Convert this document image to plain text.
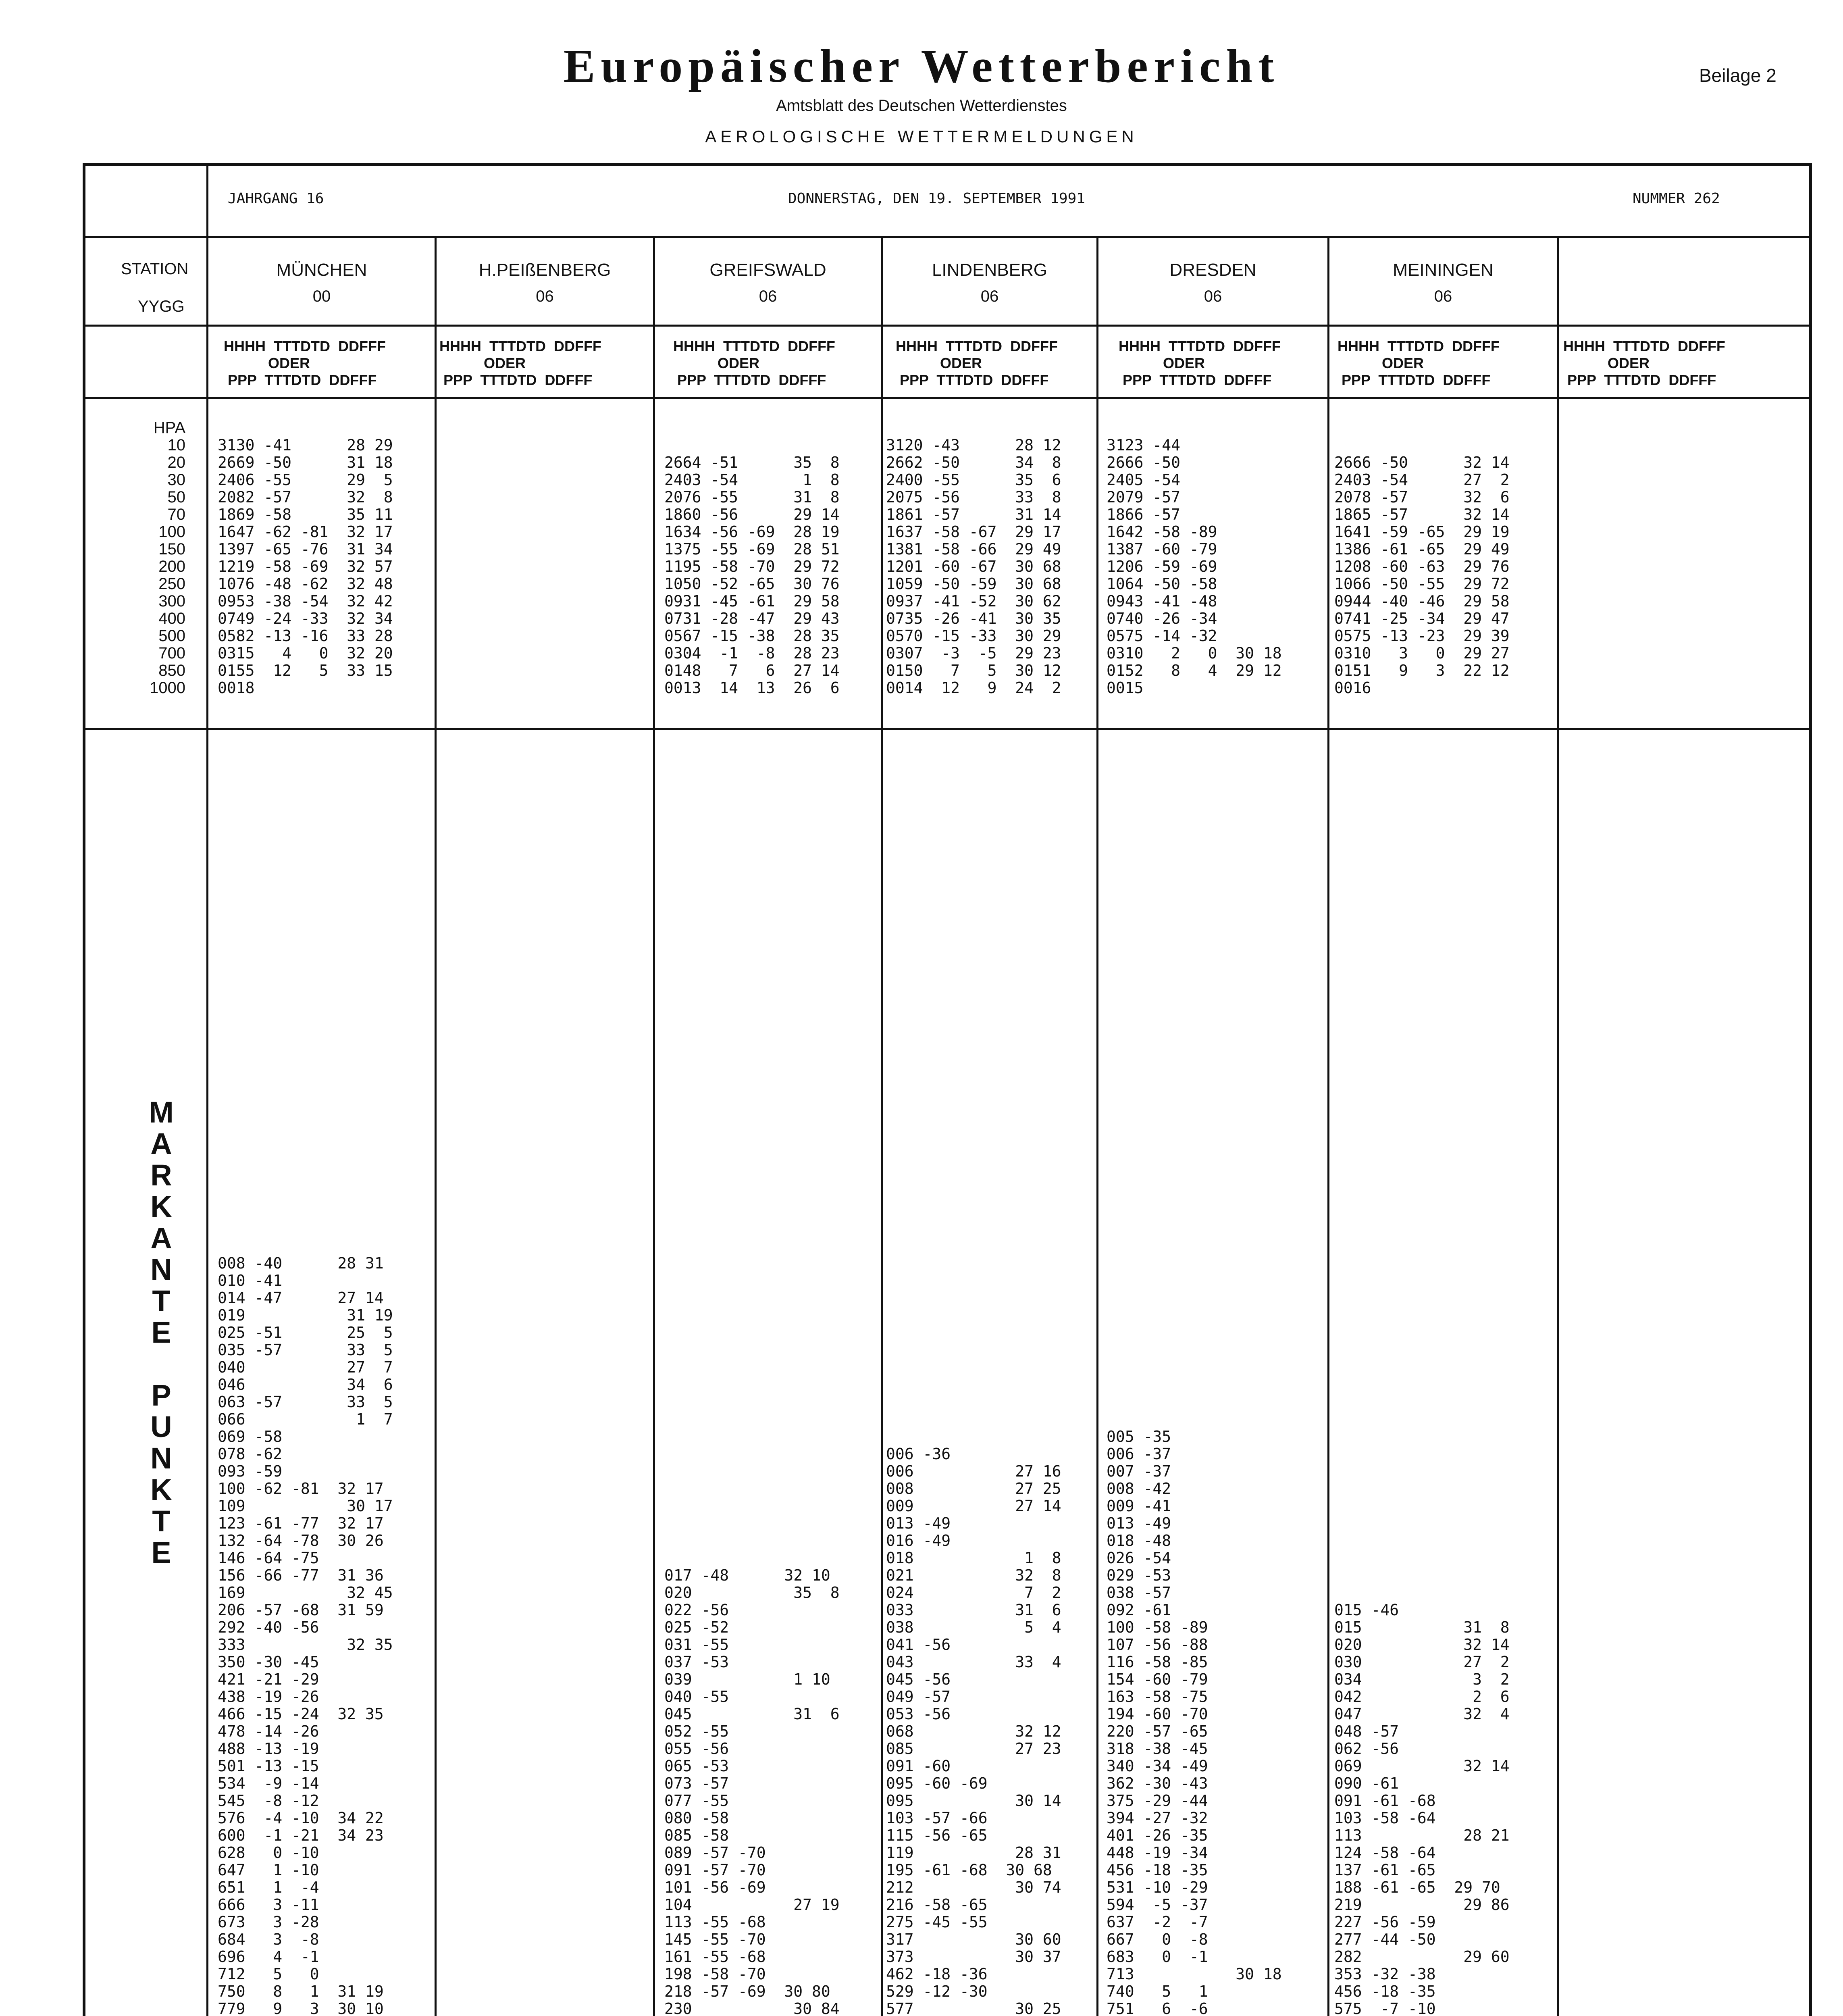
Europäischer Wetterbericht
Amtsblatt des Deutschen Wetterdienstes
AEROLOGISCHE WETTERMELDUNGEN
Beilage 2
JAHRGANG 16	DONNERSTAG, DEN 19. SEPTEMBER 1991	NUMMER 262
STATION
YYGG
MÜNCHEN
00
H.PEIßENBERG
06
GREIFSWALD
06
LINDENBERG
06
DRESDEN
06
MEININGEN
06
HHHH  TTTDTD  DDFFF
ODER
PPP  TTTDTD  DDFFF
HHHH  TTTDTD  DDFFF
ODER
PPP  TTTDTD  DDFFF
HHHH  TTTDTD  DDFFF
ODER
PPP  TTTDTD  DDFFF
HHHH  TTTDTD  DDFFF
ODER
PPP  TTTDTD  DDFFF
HHHH  TTTDTD  DDFFF
ODER
PPP  TTTDTD  DDFFF
HHHH  TTTDTD  DDFFF
ODER
PPP  TTTDTD  DDFFF
HHHH  TTTDTD  DDFFF
ODER
PPP  TTTDTD  DDFFF
HPA
10
20
30
50
70
100
150
200
250
300
400
500
700
850
1000
M A R K A N T E
P U N K T E
3130 -41      28 29
2669 -50      31 18
2406 -55      29  5
2082 -57      32  8
1869 -58      35 11
1647 -62 -81  32 17
1397 -65 -76  31 34
1219 -58 -69  32 57
1076 -48 -62  32 48
0953 -38 -54  32 42
0749 -24 -33  32 34
0582 -13 -16  33 28
0315   4   0  32 20
0155  12   5  33 15
0018

2664 -51      35  8
2403 -54       1  8
2076 -55      31  8
1860 -56      29 14
1634 -56 -69  28 19
1375 -55 -69  28 51
1195 -58 -70  29 72
1050 -52 -65  30 76
0931 -45 -61  29 58
0731 -28 -47  29 43
0567 -15 -38  28 35
0304  -1  -8  28 23
0148   7   6  27 14
0013  14  13  26  6
3120 -43      28 12
2662 -50      34  8
2400 -55      35  6
2075 -56      33  8
1861 -57      31 14
1637 -58 -67  29 17
1381 -58 -66  29 49
1201 -60 -67  30 68
1059 -50 -59  30 68
0937 -41 -52  30 62
0735 -26 -41  30 35
0570 -15 -33  30 29
0307  -3  -5  29 23
0150   7   5  30 12
0014  12   9  24  2
3123 -44
2666 -50
2405 -54
2079 -57
1866 -57
1642 -58 -89
1387 -60 -79
1206 -59 -69
1064 -50 -58
0943 -41 -48
0740 -26 -34
0575 -14 -32
0310   2   0  30 18
0152   8   4  29 12
0015

2666 -50      32 14
2403 -54      27  2
2078 -57      32  6
1865 -57      32 14
1641 -59 -65  29 19
1386 -61 -65  29 49
1208 -60 -63  29 76
1066 -50 -55  29 72
0944 -40 -46  29 58
0741 -25 -34  29 47
0575 -13 -23  29 39
0310   3   0  29 27
0151   9   3  22 12
0016
008 -40      28 31
010 -41
014 -47      27 14
019           31 19
025 -51       25  5
035 -57       33  5
040           27  7
046           34  6
063 -57       33  5
066            1  7
069 -58
078 -62
093 -59
100 -62 -81  32 17
109           30 17
123 -61 -77  32 17
132 -64 -78  30 26
146 -64 -75
156 -66 -77  31 36
169           32 45
206 -57 -68  31 59
292 -40 -56
333           32 35
350 -30 -45
421 -21 -29
438 -19 -26
466 -15 -24  32 35
478 -14 -26
488 -13 -19
501 -13 -15
534  -9 -14
545  -8 -12
576  -4 -10  34 22
600  -1 -21  34 23
628   0 -10
647   1 -10
651   1  -4
666   3 -11
673   3 -28
684   3  -8
696   4  -1
712   5   0
750   8   1  31 19
779   9   3  30 10

017 -48      32 10
020           35  8
022 -56
025 -52
031 -55
037 -53
039           1 10
040 -55
045           31  6
052 -55
055 -56
065 -53
073 -57
077 -55
080 -58
085 -58
089 -57 -70
091 -57 -70
101 -56 -69
104           27 19
113 -55 -68
145 -55 -70
161 -55 -68
198 -58 -70
218 -57 -69  30 80
230           30 84

006 -36
006           27 16
008           27 25
009           27 14
013 -49
016 -49
018            1  8
021           32  8
024            7  2
033           31  6
038            5  4
041 -56
043           33  4
045 -56
049 -57
053 -56
068           32 12
085           27 23
091 -60
095 -60 -69
095           30 14
103 -57 -66
115 -56 -65
119           28 31
195 -61 -68  30 68
212           30 74
216 -58 -65
275 -45 -55
317           30 60
373           30 37
462 -18 -36
529 -12 -30
577           30 25

005 -35
006 -37
007 -37
008 -42
009 -41
013 -49
018 -48
026 -54
029 -53
038 -57
092 -61
100 -58 -89
107 -56 -88
116 -58 -85
154 -60 -79
163 -58 -75
194 -60 -70
220 -57 -65
318 -38 -45
340 -34 -49
362 -30 -43
375 -29 -44
394 -27 -32
401 -26 -35
448 -19 -34
456 -18 -35
531 -10 -29
594  -5 -37
637  -2  -7
667   0  -8
683   0  -1
713           30 18
740   5   1
751   6  -6

015 -46
015           31  8
020           32 14
030           27  2
034            3  2
042            2  6
047           32  4
048 -57
062 -56
069           32 14
090 -61
091 -61 -68
103 -58 -64
113           28 21
124 -58 -64
137 -61 -65
188 -61 -65  29 70
219           29 86
227 -56 -59
277 -44 -50
282           29 60
353 -32 -38
456 -18 -35
575  -7 -10
